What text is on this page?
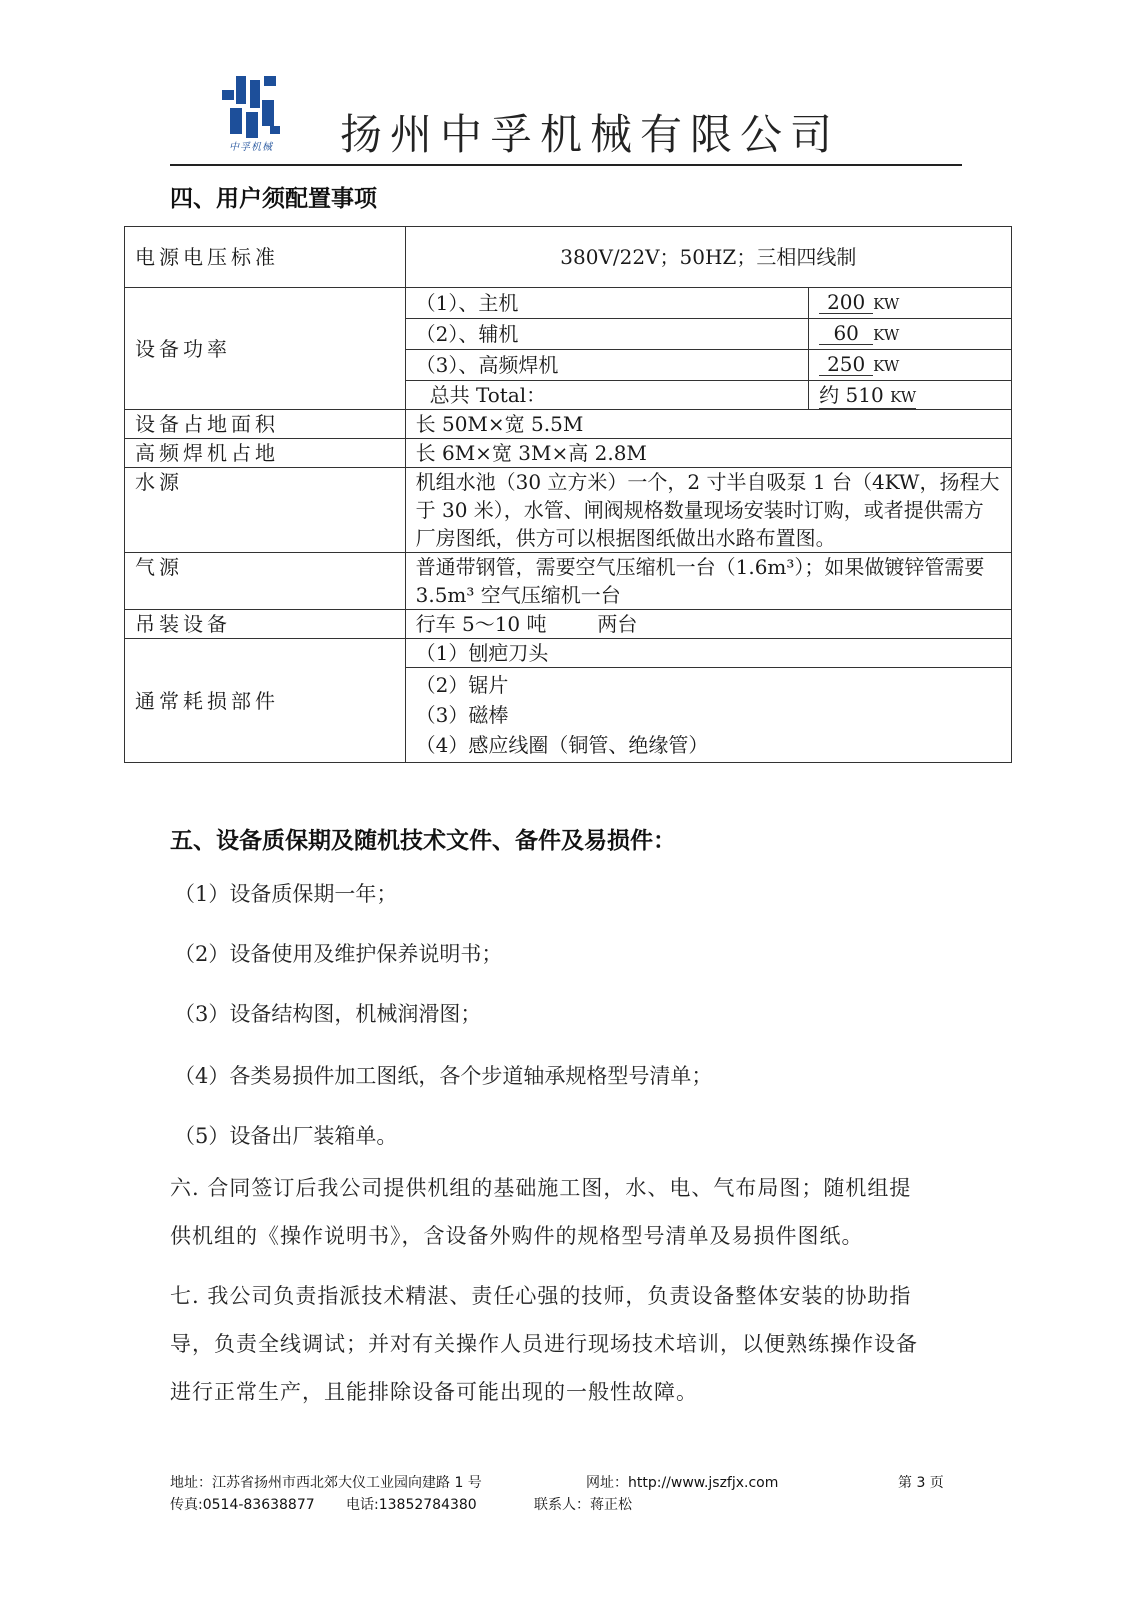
中孚机械 扬州中孚机械有限公司
四、用户须配置事项
电源电压标准	380V/22V；50HZ；三相四线制	
设备功率		
	（1）、主机	200 KW
	（2）、辅机	60 KW
	（3）、高频焊机	250 KW
	总共 Total：	约 510 KW
设备占地面积	长 50M×宽 5.5M	
高频焊机占地	长 6M×宽 3M×高 2.8M	
水源	机组水池（30 立方米）一个，2 寸半自吸泵 1 台（4KW，扬程大于 30 米），水管、闸阀规格数量现场安装时订购，或者提供需方厂房图纸，供方可以根据图纸做出水路布置图。	
气源	普通带钢管，需要空气压缩机一台（1.6m³）；如果做镀锌管需要 3.5m³ 空气压缩机一台	
吊装设备	行车 5～10 吨        两台	
通常耗损部件	（1）刨疤刀头	

	（2）锯片
（3）磁棒
（4）感应线圈（铜管、绝缘管）	
五、设备质保期及随机技术文件、备件及易损件：
（1）设备质保期一年；
（2）设备使用及维护保养说明书；
（3）设备结构图，机械润滑图；
（4）各类易损件加工图纸，各个步道轴承规格型号清单；
（5）设备出厂装箱单。
六. 合同签订后我公司提供机组的基础施工图，水、电、气布局图；随机组提
供机组的《操作说明书》，含设备外购件的规格型号清单及易损件图纸。
七. 我公司负责指派技术精湛、责任心强的技师，负责设备整体安装的协助指
导，负责全线调试；并对有关操作人员进行现场技术培训，以便熟练操作设备
进行正常生产，且能排除设备可能出现的一般性故障。
地址：江苏省扬州市西北郊大仪工业园向建路 1 号	网址：http://www.jszfjx.com	第 3 页
传真:0514-83638877 电话:13852784380	联系人：蒋正松
